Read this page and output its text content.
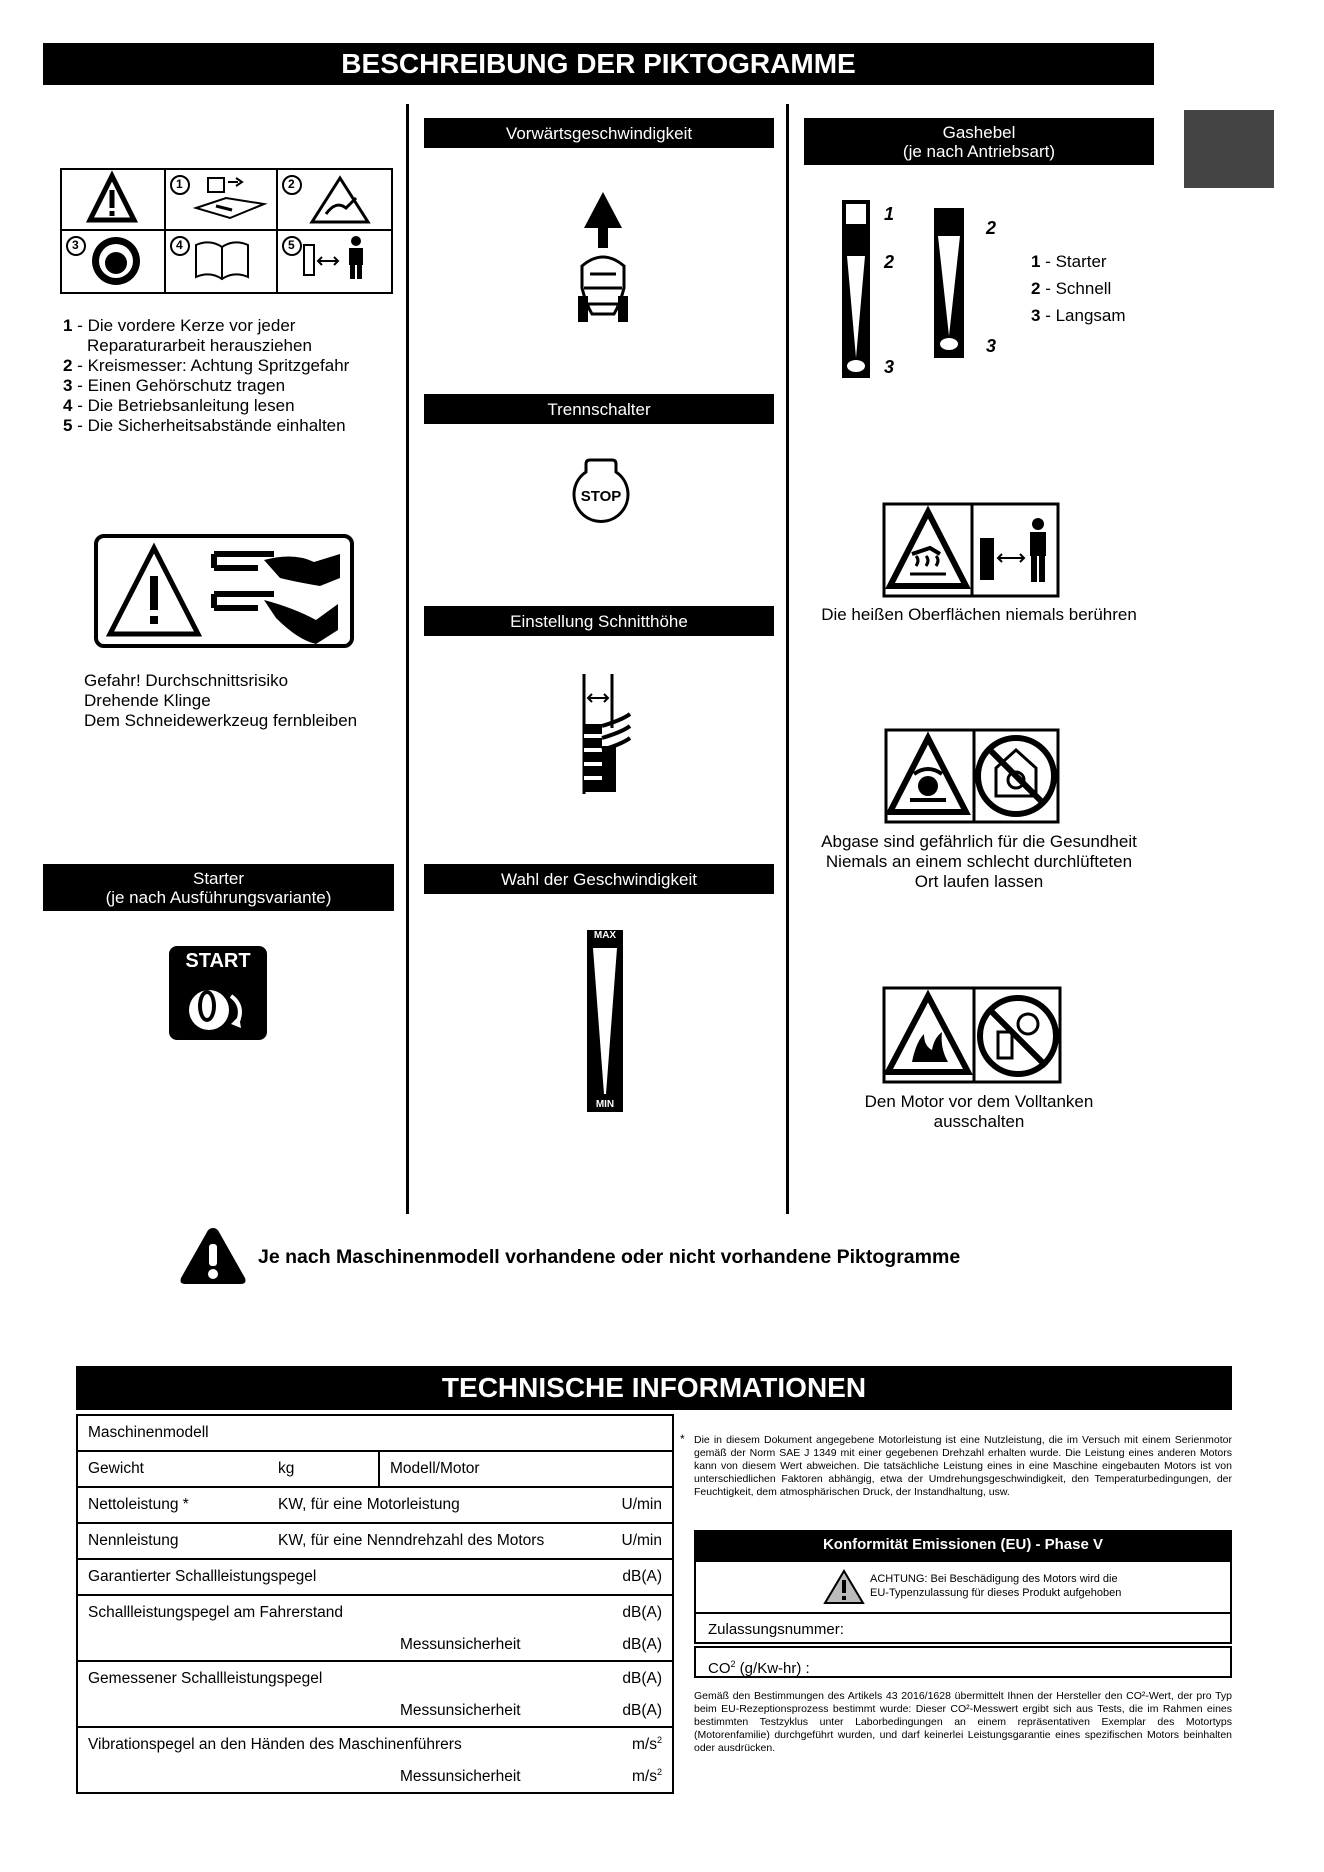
BESCHREIBUNG DER PIKTOGRAMME
1	2
3	4	5
1 - Die vordere Kerze vor jeder
Reparaturarbeit herausziehen
2 - Kreismesser: Achtung Spritzgefahr
3 - Einen Gehörschutz tragen
4 - Die Betriebsanleitung lesen
5 - Die Sicherheitsabstände einhalten
Gefahr! Durchschnittsrisiko
Drehende Klinge
Dem Schneidewerkzeug fernbleiben
Starter
(je nach Ausführungsvariante)
START
Vorwärtsgeschwindigkeit
Trennschalter
STOP
Einstellung Schnitthöhe
Wahl der Geschwindigkeit
MAX
MIN
Gashebel
(je nach Antriebsart)
1
2
3
2
3
1 - Starter
2 - Schnell
3 - Langsam
Die heißen Oberflächen niemals berühren
Abgase sind gefährlich für die Gesundheit
Niemals an einem schlecht durchlüfteten
Ort laufen lassen
Den Motor vor dem Volltanken
ausschalten
Je nach Maschinenmodell vorhandene oder nicht vorhandene Piktogramme
TECHNISCHE INFORMATIONEN
Maschinenmodell			
Gewicht	kg	Modell/Motor	
Nettoleistung *	KW, für eine Motorleistung		U/min
Nennleistung	KW, für eine Nenndrehzahl des Motors		U/min
Garantierter Schallleistungspegel			dB(A)
Schallleistungspegel am Fahrerstand			dB(A)
Messunsicherheit			dB(A)
Gemessener Schallleistungspegel			dB(A)
Messunsicherheit			dB(A)
Vibrationspegel an den Händen des Maschinenführers			$m/s^2$
Messunsicherheit			$m/s^2$
* Die in diesem Dokument angegebene Motorleistung ist eine Nutzleistung, die im Versuch mit einem Serienmotor gemäß der Norm SAE J 1349 mit einer gegebenen Drehzahl erhalten wurde. Die Leistung eines anderen Motors kann von diesem Wert abweichen. Die tatsächliche Leistung eines in eine Maschine eingebauten Motors ist von unterschiedlichen Faktoren abhängig, etwa der Umdrehungsgeschwindigkeit, den Temperaturbedingungen, der Feuchtigkeit, dem atmosphärischen Druck, der Instandhaltung, usw.
Konformität Emissionen (EU) - Phase V
ACHTUNG: Bei Beschädigung des Motors wird die
EU-Typenzulassung für dieses Produkt aufgehoben
Zulassungsnummer:
$CO^2$ (g/Kw-hr) :
Gemäß den Bestimmungen des Artikels 43 2016/1628 übermittelt Ihnen der Hersteller den CO²-Wert, der pro Typ beim EU-Rezeptionsprozess bestimmt wurde: Dieser CO²-Messwert ergibt sich aus Tests, die im Rahmen eines bestimmten Testzyklus unter Laborbedingungen an einem repräsentativen Exemplar des Motortyps (Motorenfamilie) durchgeführt wurden, und darf keinerlei Leistungsgarantie eines spezifischen Motors beinhalten oder ausdrücken.
